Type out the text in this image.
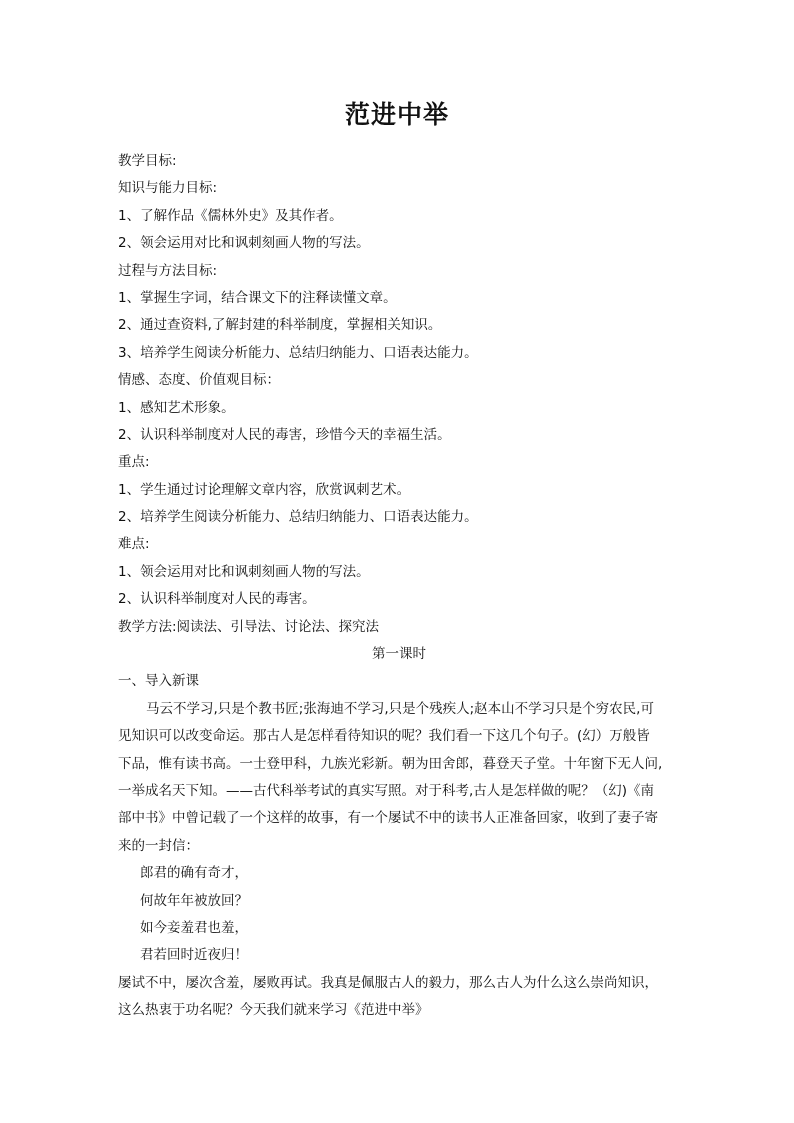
范进中举
教学目标:
知识与能力目标:
1、了解作品《儒林外史》及其作者。
2、领会运用对比和讽刺刻画人物的写法。
过程与方法目标:
1、掌握生字词，结合课文下的注释读懂文章。
2、通过查资料,了解封建的科举制度，掌握相关知识。
3、培养学生阅读分析能力、总结归纳能力、口语表达能力。
情感、态度、价值观目标：
1、感知艺术形象。
2、认识科举制度对人民的毒害，珍惜今天的幸福生活。
重点:
1、学生通过讨论理解文章内容，欣赏讽刺艺术。
2、培养学生阅读分析能力、总结归纳能力、口语表达能力。
难点:
1、领会运用对比和讽刺刻画人物的写法。
2、认识科举制度对人民的毒害。
教学方法:阅读法、引导法、讨论法、探究法
第一课时
一、导入新课
马云不学习,只是个教书匠;张海迪不学习,只是个残疾人;赵本山不学习只是个穷农民,可
见知识可以改变命运。那古人是怎样看待知识的呢？我们看一下这几个句子。(幻）万般皆
下品，惟有读书高。一士登甲科，九族光彩新。朝为田舍郎，暮登天子堂。十年窗下无人问,
一举成名天下知。——古代科举考试的真实写照。对于科考,古人是怎样做的呢？（幻)《南
部中书》中曾记载了一个这样的故事，有一个屡试不中的读书人正准备回家，收到了妻子寄
来的一封信：
郎君的确有奇才，
何故年年被放回？
如今妾羞君也羞，
君若回时近夜归！
屡试不中，屡次含羞，屡败再试。我真是佩服古人的毅力，那么古人为什么这么崇尚知识，
这么热衷于功名呢？今天我们就来学习《范进中举》
